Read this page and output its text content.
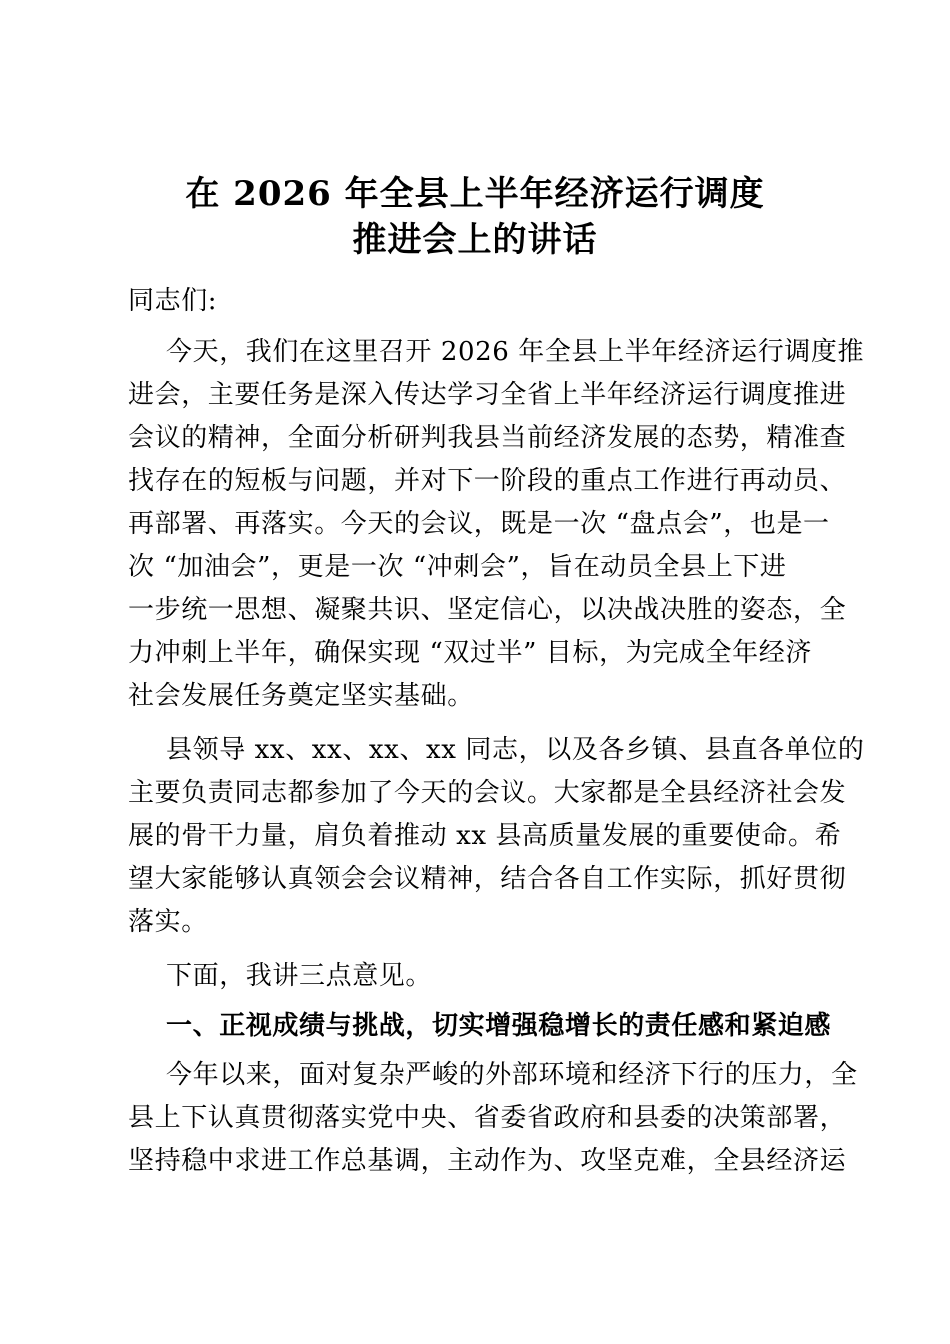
在 2026 年全县上半年经济运行调度
推进会上的讲话
同志们:
今天，我们在这里召开 2026 年全县上半年经济运行调度推
进会，主要任务是深入传达学习全省上半年经济运行调度推进
会议的精神，全面分析研判我县当前经济发展的态势，精准查
找存在的短板与问题，并对下一阶段的重点工作进行再动员、
再部署、再落实。今天的会议，既是一次 “盘点会”，也是一
次 “加油会”，更是一次 “冲刺会”，旨在动员全县上下进
一步统一思想、凝聚共识、坚定信心，以决战决胜的姿态，全
力冲刺上半年，确保实现 “双过半” 目标，为完成全年经济
社会发展任务奠定坚实基础。
县领导 xx、xx、xx、xx 同志，以及各乡镇、县直各单位的
主要负责同志都参加了今天的会议。大家都是全县经济社会发
展的骨干力量，肩负着推动 xx 县高质量发展的重要使命。希
望大家能够认真领会会议精神，结合各自工作实际，抓好贯彻
落实。
下面，我讲三点意见。
一、正视成绩与挑战，切实增强稳增长的责任感和紧迫感
今年以来，面对复杂严峻的外部环境和经济下行的压力，全
县上下认真贯彻落实党中央、省委省政府和县委的决策部署，
坚持稳中求进工作总基调，主动作为、攻坚克难，全县经济运
